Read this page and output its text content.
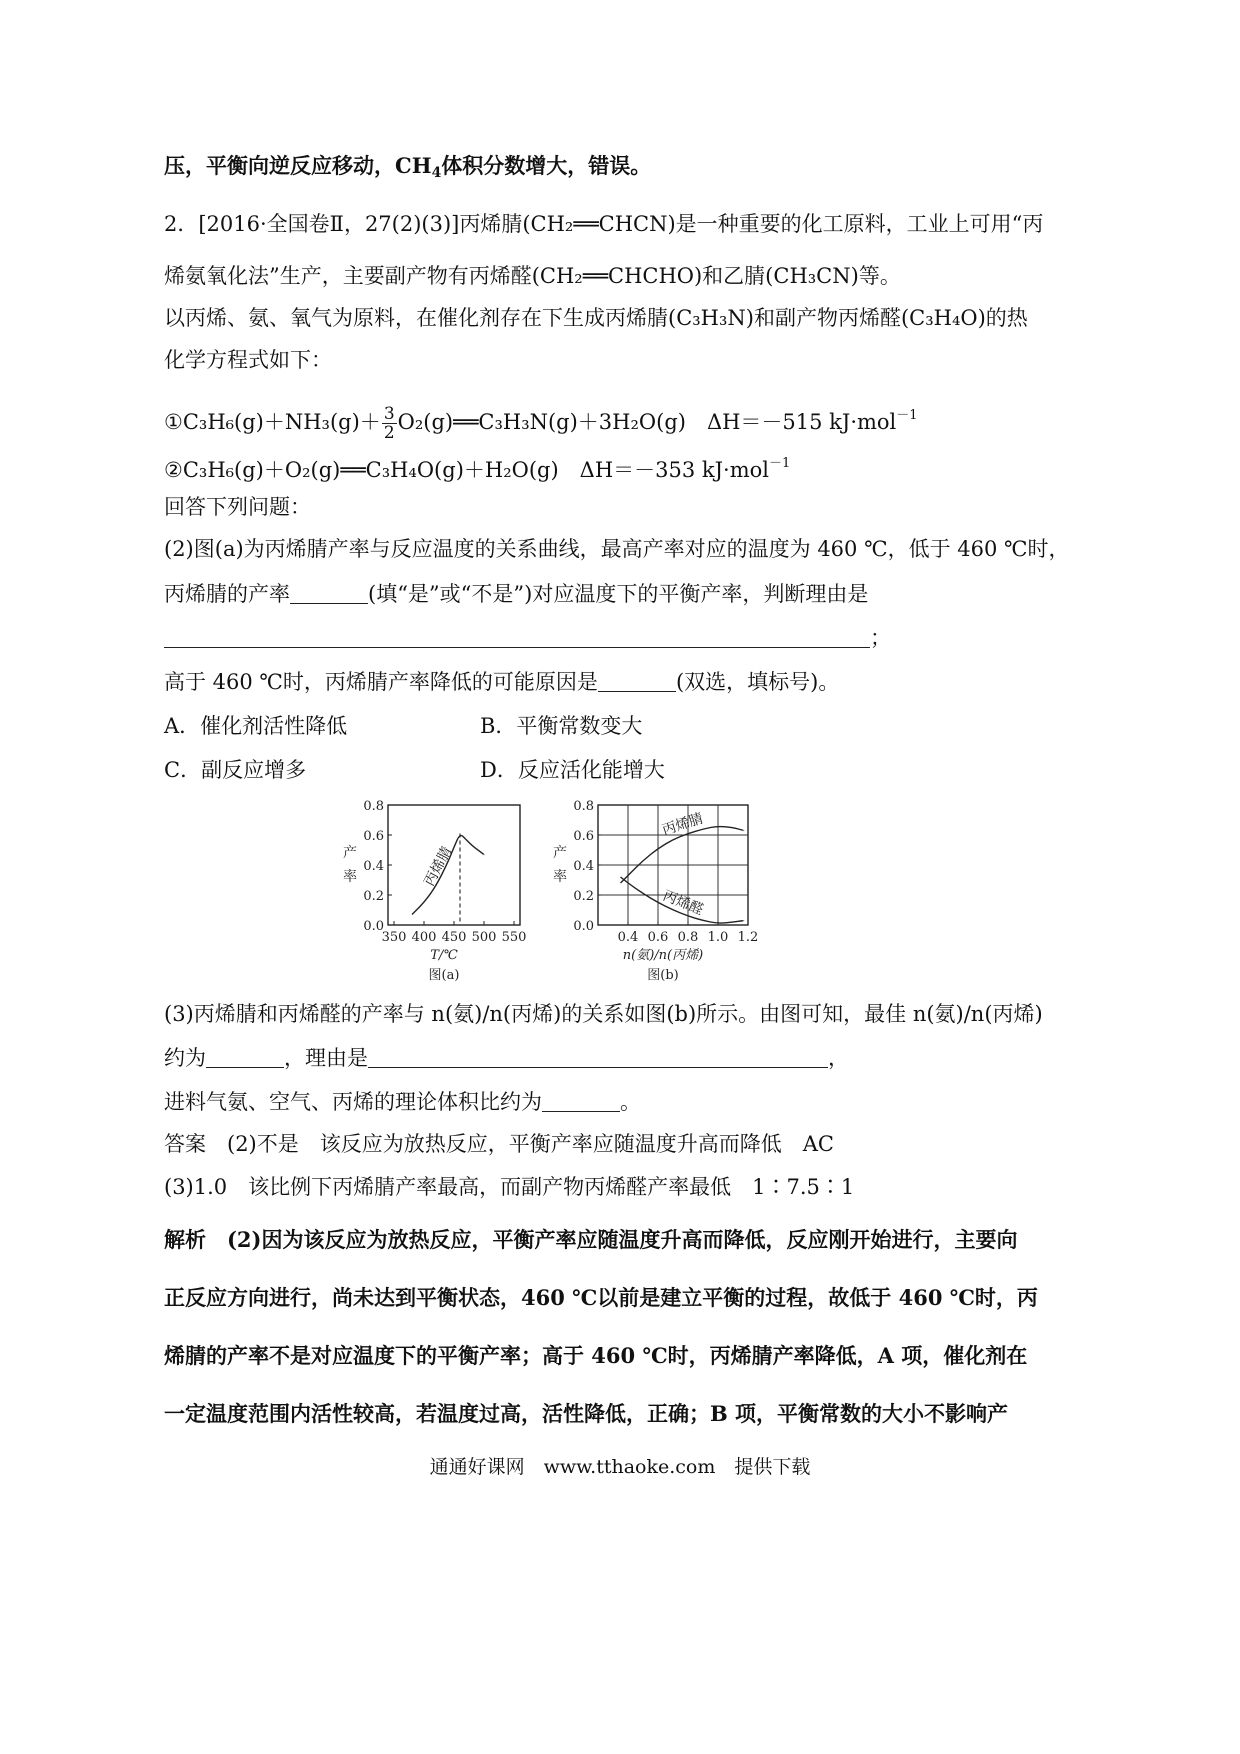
压，平衡向逆反应移动，$CH_4$体积分数增大，错误。
2．[2016·全国卷Ⅱ，27(2)(3)]丙烯腈(CH₂══CHCN)是一种重要的化工原料，工业上可用“丙
烯氨氧化法”生产，主要副产物有丙烯醛(CH₂══CHCHO)和乙腈(CH₃CN)等。
以丙烯、氨、氧气为原料，在催化剂存在下生成丙烯腈(C₃H₃N)和副产物丙烯醛(C₃H₄O)的热
化学方程式如下：
①C₃H₆(g)＋NH₃(g)＋ $\frac{3}{2}$ O₂(g)══C₃H₃N(g)＋3H₂O(g)　ΔH＝－515 kJ·mol$^{-1}$
②C₃H₆(g)＋O₂(g)══C₃H₄O(g)＋H₂O(g)　ΔH＝－353 kJ·mol$^{-1}$
回答下列问题：
(2)图(a)为丙烯腈产率与反应温度的关系曲线，最高产率对应的温度为 460 ℃，低于 460 ℃时，
丙烯腈的产率	(填“是”或“不是”)对应温度下的平衡产率，判断理由是
；
高于 460 ℃时，丙烯腈产率降低的可能原因是	(双选，填标号)。
A．催化剂活性降低	B．平衡常数变大
C．副反应增多	D．反应活化能增大
0.0
0.2
0.4
0.6
0.8
350 400 450 500 550
丙烯腈
产
率
T/℃
图(a)
0.0
0.2
0.4
0.6
0.8
0.4 0.6 0.8 1.0 1.2
丙烯腈
丙烯醛
产
率
n(氨)/n(丙烯)
图(b)
(3)丙烯腈和丙烯醛的产率与 n(氨)/n(丙烯)的关系如图(b)所示。由图可知，最佳 n(氨)/n(丙烯)
约为	，理由是	，
进料气氨、空气、丙烯的理论体积比约为	。
答案　(2)不是　该反应为放热反应，平衡产率应随温度升高而降低　AC
(3)1.0　该比例下丙烯腈产率最高，而副产物丙烯醛产率最低　1∶7.5∶1
解析　(2)因为该反应为放热反应，平衡产率应随温度升高而降低，反应刚开始进行，主要向
正反应方向进行，尚未达到平衡状态，460 ℃以前是建立平衡的过程，故低于 460 ℃时，丙
烯腈的产率不是对应温度下的平衡产率；高于 460 ℃时，丙烯腈产率降低，A 项，催化剂在
一定温度范围内活性较高，若温度过高，活性降低，正确；B 项，平衡常数的大小不影响产
通通好课网　www.tthaoke.com　提供下载
